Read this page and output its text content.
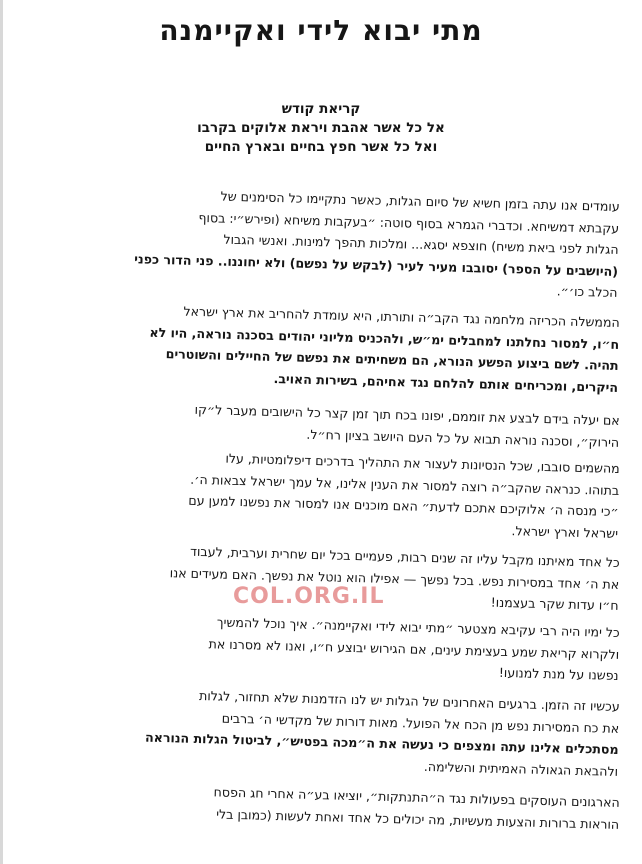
מתי יבוא לידי ואקיימנה
קריאת קודש
אל כל אשר אהבת ויראת אלוקים בקרבו
ואל כל אשר חפץ בחיים ובארץ החיים
עומדים אנו עתה בזמן חשיא של סיום הגלות, כאשר נתקיימו כל הסימנים של
עקבתא דמשיחא. וכדברי הגמרא בסוף סוטה: ״בעקבות משיחא (ופירש״י: בסוף
הגלות לפני ביאת משיח) חוצפא יסגא... ומלכות תהפך למינות. ואנשי הגבול
(היושבים על הספר) יסובבו מעיר לעיר (לבקש על נפשם) ולא יחוננו.. פני הדור כפני
הכלב כו׳״.
הממשלה הכריזה מלחמה נגד הקב״ה ותורתו, היא עומדת להחריב את ארץ ישראל
ח״ו, למסור נחלתנו למחבלים ימ״ש, ולהכניס מליוני יהודים בסכנה נוראה, היו לא
תהיה. לשם ביצוע הפשע הנורא, הם משחיתים את נפשם של החיילים והשוטרים
היקרים, ומכריחים אותם להלחם נגד אחיהם, בשירות האויב.
אם יעלה בידם לבצע את זוממם, יפונו בכח תוך זמן קצר כל הישובים מעבר ל״קו
הירוק״, וסכנה נוראה תבוא על כל העם היושב בציון רח״ל.
מהשמים סובבו, שכל הנסיונות לעצור את התהליך בדרכים דיפלומטיות, עלו
בתוהו. כנראה שהקב״ה רוצה למסור את הענין אלינו, אל עמך ישראל צבאות ה׳.
״כי מנסה ה׳ אלוקיכם אתכם לדעת״ האם מוכנים אנו למסור את נפשנו למען עם
ישראל וארץ ישראל.
כל אחד מאיתנו מקבל עליו זה שנים רבות, פעמיים בכל יום שחרית וערבית, לעבוד
את ה׳ אחד במסירות נפש. בכל נפשך — אפילו הוא נוטל את נפשך. האם מעידים אנו
ח״ו עדות שקר בעצמנו!
כל ימיו היה רבי עקיבא מצטער ״מתי יבוא לידי ואקיימנה״. איך נוכל להמשיך
ולקרוא קריאת שמע בעצימת עינים, אם הגירוש יבוצע ח״ו, ואנו לא מסרנו את
נפשנו על מנת למנועו!
עכשיו זה הזמן. ברגעים האחרונים של הגלות יש לנו הזדמנות שלא תחזור, לגלות
את כח המסירות נפש מן הכח אל הפועל. מאות דורות של מקדשי ה׳ ברבים
מסתכלים אלינו עתה ומצפים כי נעשה את ה״מכה בפטיש״, לביטול הגלות הנוראה
ולהבאת הגאולה האמיתית והשלימה.
הארגונים העוסקים בפעולות נגד ה״התנתקות״, יוציאו בע״ה אחרי חג הפסח
הוראות ברורות והצעות מעשיות, מה יכולים כל אחד ואחת לעשות (כמובן בלי
COL.ORG.IL
